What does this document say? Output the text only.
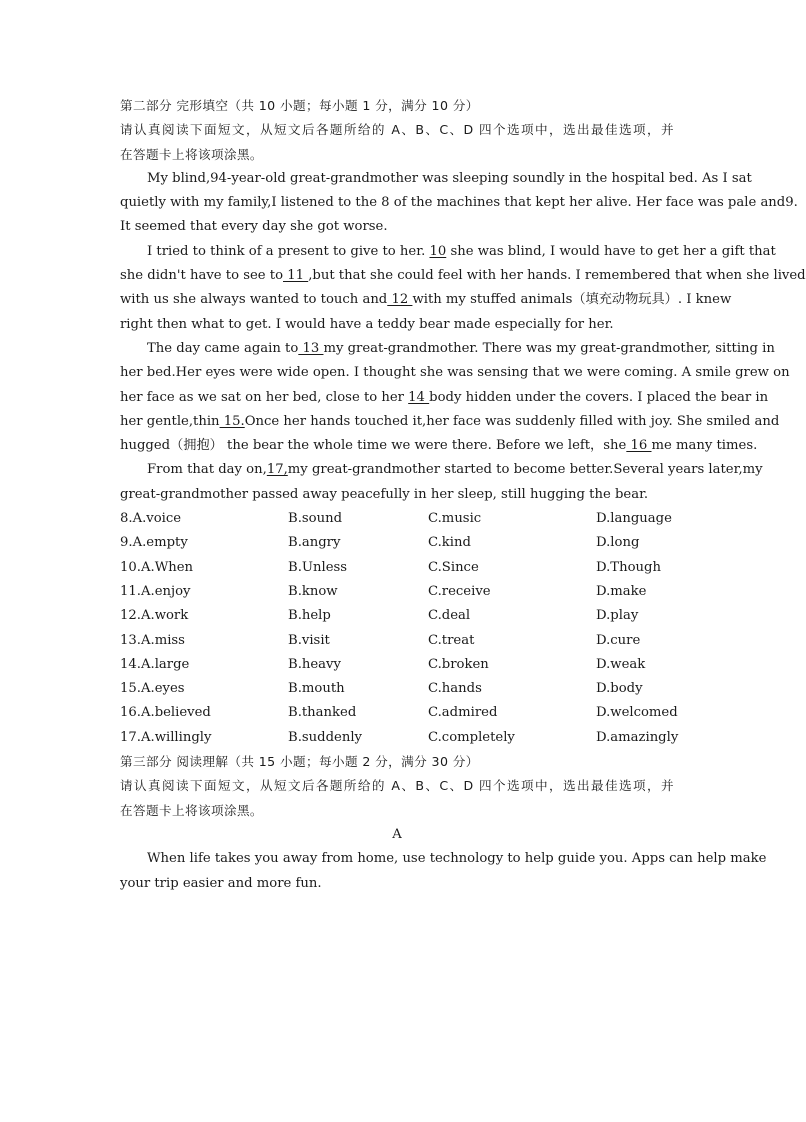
第二部分 完形填空（共 10 小题；每小题 1 分，满分 10 分）
请认真阅读下面短文，从短文后各题所给的 A、B、C、D 四个选项中，选出最佳选项，并
在答题卡上将该项涂黑。
My blind,94-year-old great-grandmother was sleeping soundly in the hospital bed. As I sat
quietly with my family,I listened to the 8 of the machines that kept her alive. Her face was pale and9.
It seemed that every day she got worse.
I tried to think of a present to give to her. 10 she was blind, I would have to get her a gift that
she didn't have to see to 11 ,but that she could feel with her hands. I remembered that when she lived
with us she always wanted to touch and 12 with my stuffed animals（填充动物玩具）. I knew
right then what to get. I would have a teddy bear made especially for her.
The day came again to 13 my great-grandmother. There was my great-grandmother, sitting in
her bed.Her eyes were wide open. I thought she was sensing that we were coming. A smile grew on
her face as we sat on her bed, close to her 14 body hidden under the covers. I placed the bear in
her gentle,thin 15.Once her hands touched it,her face was suddenly filled with joy. She smiled and
hugged（拥抱） the bear the whole time we were there. Before we left，she 16 me many times.
From that day on,17,my great-grandmother started to become better.Several years later,my
great-grandmother passed away peacefully in her sleep, still hugging the bear.
8.A.voice	B.sound	C.music	D.language
9.A.empty	B.angry	C.kind	D.long
10.A.When	B.Unless	C.Since	D.Though
11.A.enjoy	B.know	C.receive	D.make
12.A.work	B.help	C.deal	D.play
13.A.miss	B.visit	C.treat	D.cure
14.A.large	B.heavy	C.broken	D.weak
15.A.eyes	B.mouth	C.hands	D.body
16.A.believed	B.thanked	C.admired	D.welcomed
17.A.willingly	B.suddenly	C.completely	D.amazingly
第三部分 阅读理解（共 15 小题；每小题 2 分，满分 30 分）
请认真阅读下面短文，从短文后各题所给的 A、B、C、D 四个选项中，选出最佳选项，并
在答题卡上将该项涂黑。
A
When life takes you away from home, use technology to help guide you. Apps can help make
your trip easier and more fun.
